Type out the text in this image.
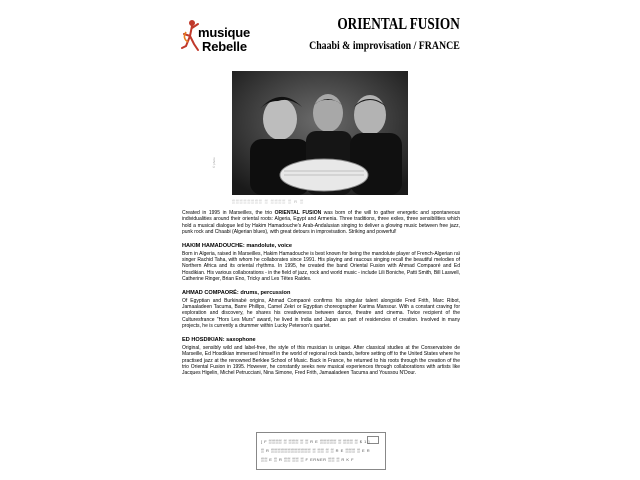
musique
Rebelle
ORIENTAL FUSION
Chaabi & improvisation / FRANCE
© photo
▒▒▒▒▒▒▒▒ ▒ ▒▒▒▒ ▒ R ▒

Created in 1995 in Marseilles, the trio ORIENTAL FUSION was born of the will to gather energetic and spontaneous individualities around their oriental roots: Algeria, Egypt and Armenia. Three traditions, three exiles, three sensibilities which hold a musical dialogue led by Hakim Hamadouche's Arab-Andalusian singing to deliver a glowing music between free jazz, punk rock and Chaabi (Algerian blues), with great detours in improvisation. Striking and powerful!

HAKIM HAMADOUCHE: mandolute, voice
Born in Algeria, raised in Marseilles, Hakim Hamadouche is best known for being the mandolute player of French-Algerian raï singer Rachid Taha, with whom he collaborates since 1991. His playing and raucous singing recall the beautiful melodies of Northern Africa and its oriental rhythms. In 1995, he created the band Oriental Fusion with Ahmad Compaoré and Ed Hosdikian. His various collaborations - in the field of jazz, rock and world music - include Lili Boniche, Patti Smith, Bill Laswell, Catherine Ringer, Brian Eno, Tricky and Les Têtes Raides.
AHMAD COMPAORÉ: drums, percussion
Of Egyptian and Burkinabè origins, Ahmad Compaoré confirms his singular talent alongside Fred Frith, Marc Ribot, Jamaaladeen Tacuma, Barre Phillips, Camel Zekri or Egyptian choreographer Karima Mansour. With a constant craving for exploration and discovery, he shares his creativeness between dance, theatre and cinema. Twice recipient of the Culturesfrance "Hors Les Murs" award, he lived in India and Japan as part of residencies of creation. Involved in many projects, he is currently a drummer within Lucky Peterson's quartet.
ED HOSDIKIAN: saxophone
Original, sensibly wild and label-free, the style of this musician is unique. After classical studies at the Conservatoire de Marseille, Ed Hosdikian immersed himself in the world of regional rock bands, before setting off to the United States where he practised jazz at the renowned Berklee School of Music. Back in France, he returned to his roots through the creation of the trio Oriental Fusion in 1995. However, he constantly seeks new musical experiences through collaborations with artists like Jacques Higelin, Michel Petrucciani, Nina Simone, Fred Frith, Jamaaladeen Tacuma and Youssou N'Dour.
[ F ▒▒▒▒ ▒ ▒▒▒ ▒ ▒ R E ▒▒▒▒▒ ▒ ▒▒▒ ▒ $ 1 ]
▒ R ▒▒▒▒▒▒▒▒▒▒▒▒ ▒ ▒▒ ▒ ▒ R E ▒▒▒ ▒ E R
▒▒ E ▒ R ▒▒ ▒▒ ▒ F ERNER ▒▒ ▒ R K F
